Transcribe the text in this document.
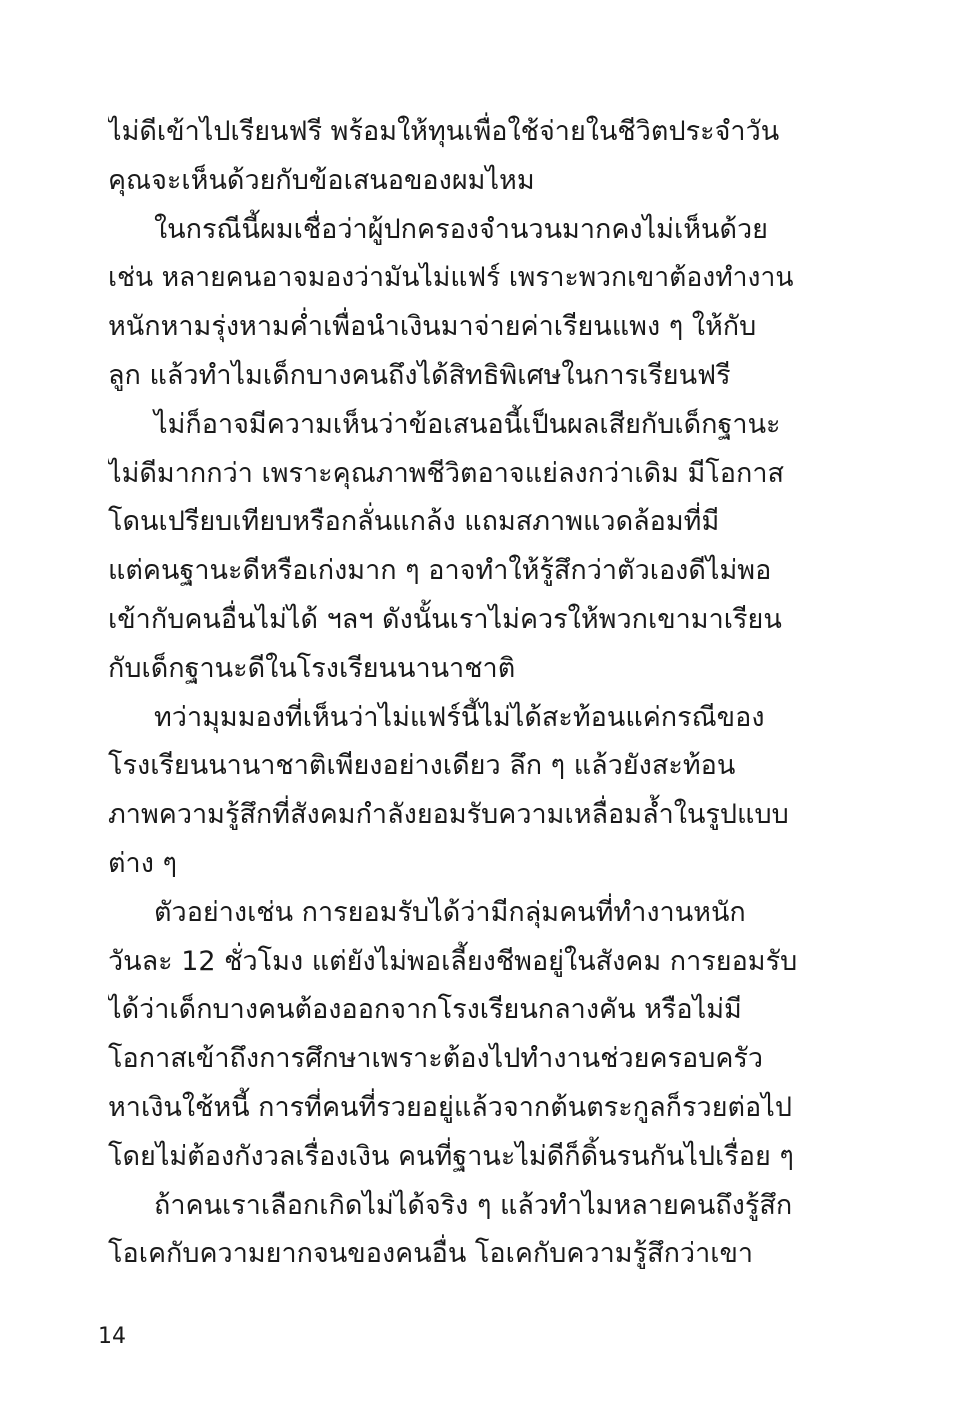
ไม่ดีเข้าไปเรียนฟรี พร้อมให้ทุนเพื่อใช้จ่ายในชีวิตประจำวัน
คุณจะเห็นด้วยกับข้อเสนอของผมไหม
ในกรณีนี้ผมเชื่อว่าผู้ปกครองจำนวนมากคงไม่เห็นด้วย
เช่น หลายคนอาจมองว่ามันไม่แฟร์ เพราะพวกเขาต้องทำงาน
หนักหามรุ่งหามค่ำเพื่อนำเงินมาจ่ายค่าเรียนแพง ๆ ให้กับ
ลูก แล้วทำไมเด็กบางคนถึงได้สิทธิพิเศษในการเรียนฟรี
ไม่ก็อาจมีความเห็นว่าข้อเสนอนี้เป็นผลเสียกับเด็กฐานะ
ไม่ดีมากกว่า เพราะคุณภาพชีวิตอาจแย่ลงกว่าเดิม มีโอกาส
โดนเปรียบเทียบหรือกลั่นแกล้ง แถมสภาพแวดล้อมที่มี
แต่คนฐานะดีหรือเก่งมาก ๆ อาจทำให้รู้สึกว่าตัวเองดีไม่พอ
เข้ากับคนอื่นไม่ได้ ฯลฯ ดังนั้นเราไม่ควรให้พวกเขามาเรียน
กับเด็กฐานะดีในโรงเรียนนานาชาติ
ทว่ามุมมองที่เห็นว่าไม่แฟร์นี้ไม่ได้สะท้อนแค่กรณีของ
โรงเรียนนานาชาติเพียงอย่างเดียว ลึก ๆ แล้วยังสะท้อน
ภาพความรู้สึกที่สังคมกำลังยอมรับความเหลื่อมล้ำในรูปแบบ
ต่าง ๆ
ตัวอย่างเช่น การยอมรับได้ว่ามีกลุ่มคนที่ทำงานหนัก
วันละ 12 ชั่วโมง แต่ยังไม่พอเลี้ยงชีพอยู่ในสังคม การยอมรับ
ได้ว่าเด็กบางคนต้องออกจากโรงเรียนกลางคัน หรือไม่มี
โอกาสเข้าถึงการศึกษาเพราะต้องไปทำงานช่วยครอบครัว
หาเงินใช้หนี้ การที่คนที่รวยอยู่แล้วจากต้นตระกูลก็รวยต่อไป
โดยไม่ต้องกังวลเรื่องเงิน คนที่ฐานะไม่ดีก็ดิ้นรนกันไปเรื่อย ๆ
ถ้าคนเราเลือกเกิดไม่ได้จริง ๆ แล้วทำไมหลายคนถึงรู้สึก
โอเคกับความยากจนของคนอื่น โอเคกับความรู้สึกว่าเขา
14
